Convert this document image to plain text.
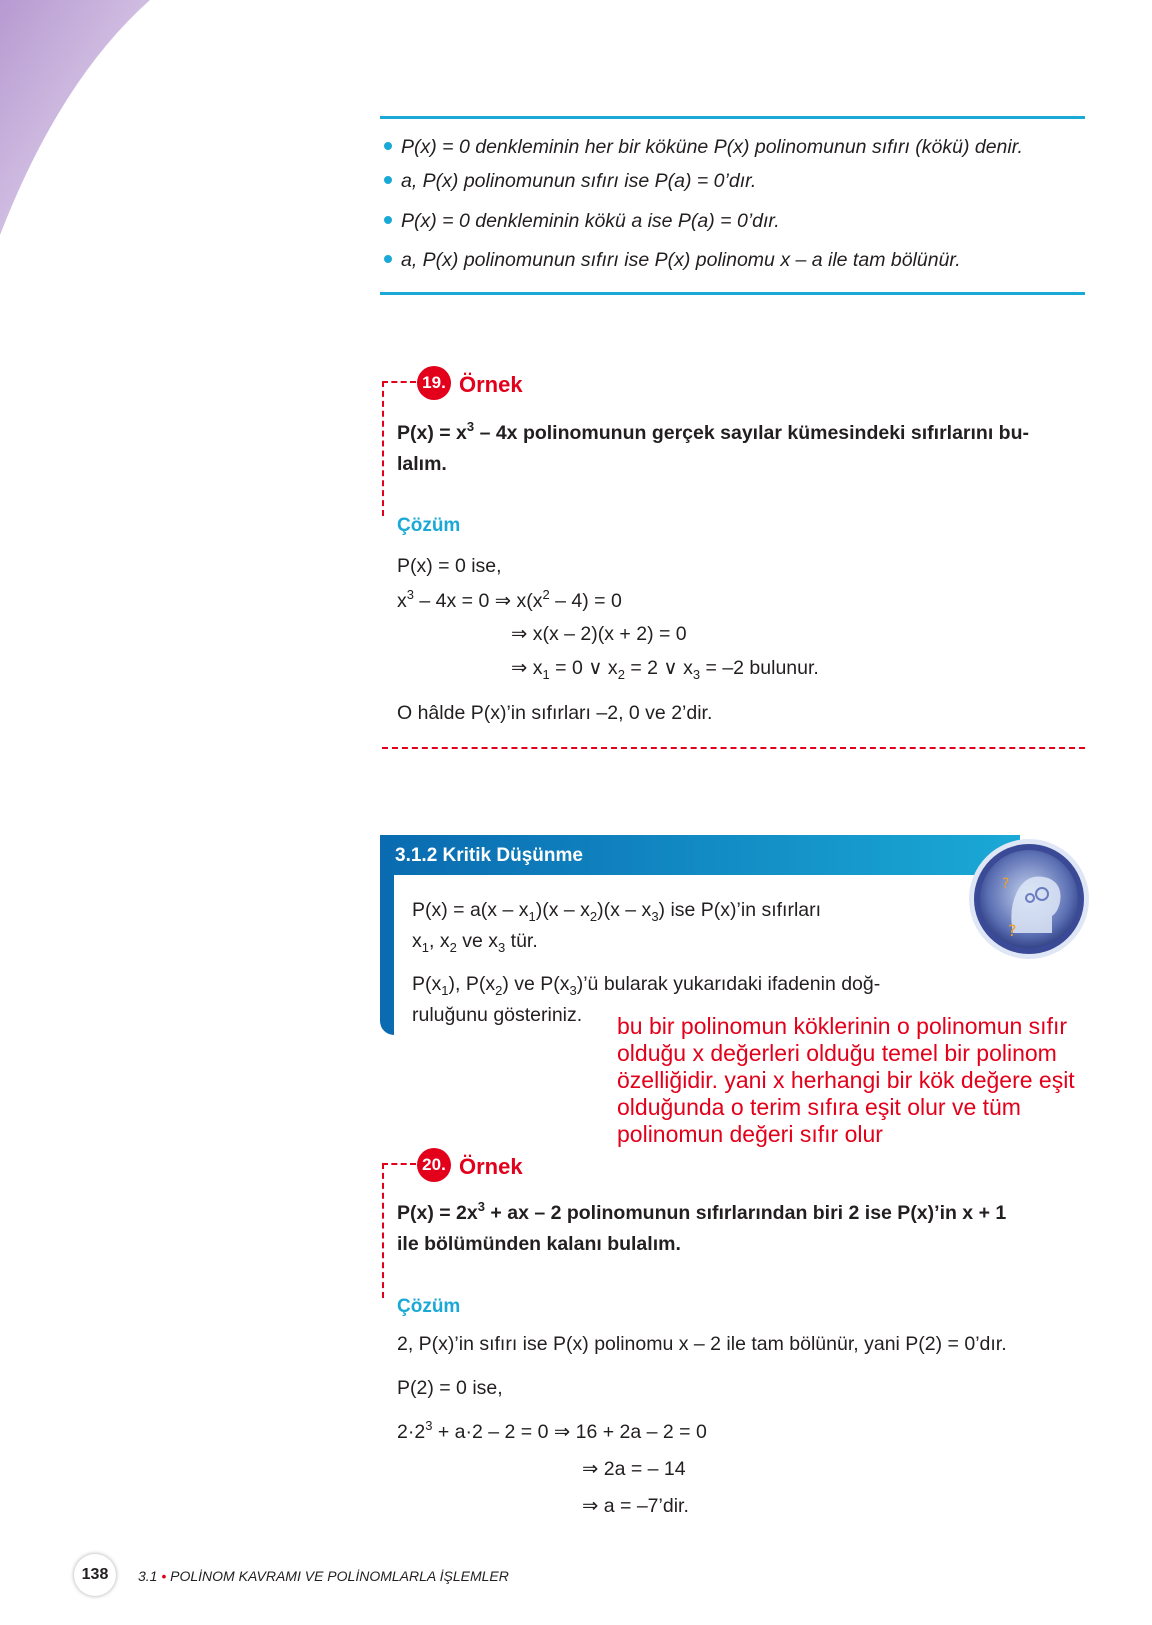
P(x) = 0 denkleminin her bir köküne P(x) polinomunun sıfırı (kökü) denir.
a, P(x) polinomunun sıfırı ise P(a) = 0’dır.
P(x) = 0 denkleminin kökü a ise P(a) = 0’dır.
a, P(x) polinomunun sıfırı ise P(x) polinomu x – a ile tam bölünür.
19. Örnek
$P(x) = x^3 - 4x$ polinomunun gerçek sayılar kümesindeki sıfırlarını bu-
lalım.
Çözüm
P(x) = 0 ise,
$x^3 - 4x = 0$ ⇒ $x(x^2 - 4) = 0$
⇒ x(x – 2)(x + 2) = 0
⇒ $x_1 = 0$ ∨ $x_2 = 2$ ∨ $x_3 = -2$ bulunur.
O hâlde P(x)’in sıfırları –2, 0 ve 2’dir.
3.1.2 Kritik Düşünme
?
?
$P(x) = a(x - x_1)(x - x_2)(x - x_3)$ ise P(x)’in sıfırları
$x_1$, $x_2$ ve $x_3$ tür.
$P(x_1)$, $P(x_2)$ ve $P(x_3)’ü$ bularak yukarıdaki ifadenin doğ-
ruluğunu gösteriniz. bu bir polinomun köklerinin o polinomun sıfır olduğu x değerleri olduğu temel bir polinom özelliğidir. yani x herhangi bir kök değere eşit olduğunda o terim sıfıra eşit olur ve tüm polinomun değeri sıfır olur
20. Örnek
$P(x) = 2x^3$ + ax – 2 polinomunun sıfırlarından biri 2 ise P(x)’in x + 1
ile bölümünden kalanı bulalım.
Çözüm
2, P(x)’in sıfırı ise P(x) polinomu x – 2 ile tam bölünür, yani P(2) = 0’dır.
P(2) = 0 ise,
$2\cdot 2^3 + a\cdot 2 - 2 = 0$ ⇒ 16 + 2a – 2 = 0
⇒ 2a = – 14
⇒ a = –7’dir.
138	3.1 • POLİNOM KAVRAMI VE POLİNOMLARLA İŞLEMLER
